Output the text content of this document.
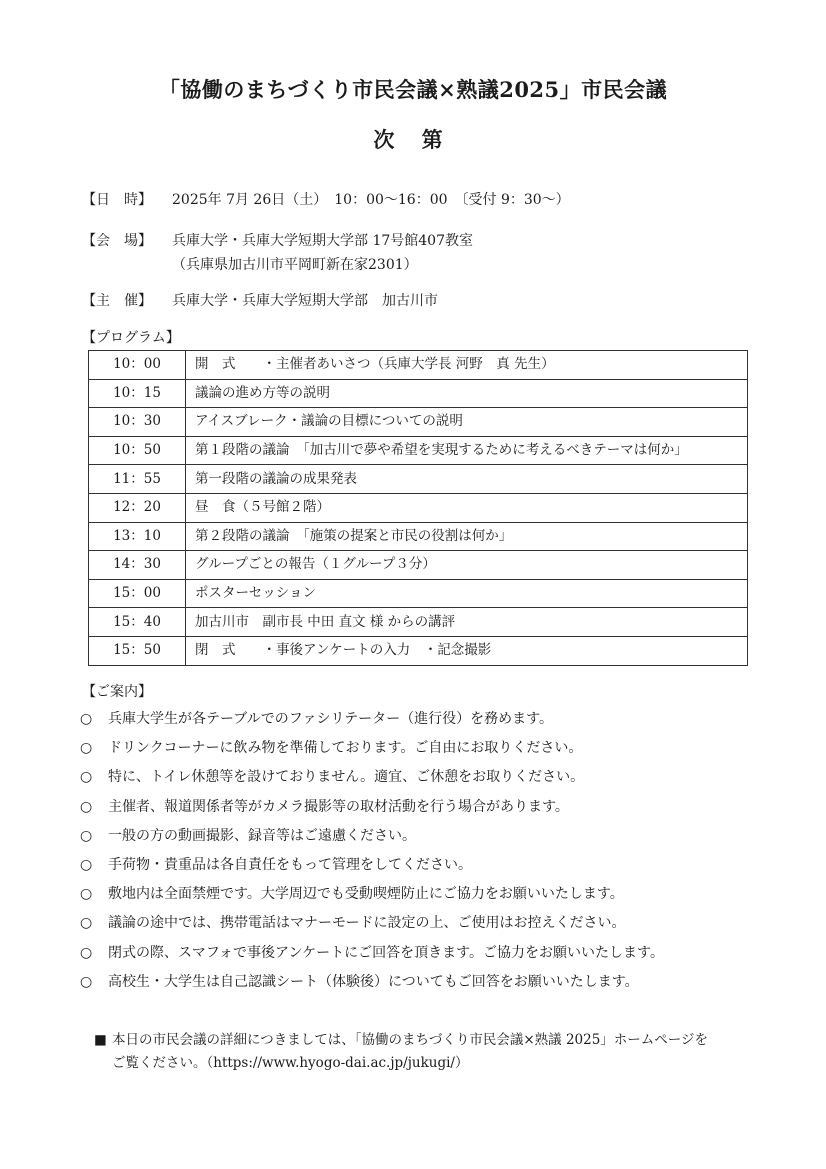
「協働のまちづくり市民会議×熟議2025」市民会議
次 第
【日　時】 2025年 7月 26日（土）　10：00～16：00　〔受付 9：30～）
【会　場】 兵庫大学・兵庫大学短期大学部 17号館407教室
（兵庫県加古川市平岡町新在家2301）
【主　催】 兵庫大学・兵庫大学短期大学部　加古川市
【プログラム】
10：00	開　式　　・主催者あいさつ（兵庫大学長 河野　真 先生）
10：15	議論の進め方等の説明
10：30	アイスブレーク・議論の目標についての説明
10：50	第１段階の議論　「加古川で夢や希望を実現するために考えるべきテーマは何か」
11：55	第一段階の議論の成果発表
12：20	昼　食（５号館２階）
13：10	第２段階の議論　「施策の提案と市民の役割は何か」
14：30	グループごとの報告（１グループ３分）
15：00	ポスターセッション
15：40	加古川市　副市長 中田 直文 様 からの講評
15：50	閉　式　　・事後アンケートの入力　・記念撮影
【ご案内】
○ 兵庫大学生が各テーブルでのファシリテーター（進行役）を務めます。
○ ドリンクコーナーに飲み物を準備しております。ご自由にお取りください。
○ 特に、トイレ休憩等を設けておりません。適宜、ご休憩をお取りください。
○ 主催者、報道関係者等がカメラ撮影等の取材活動を行う場合があります。
○ 一般の方の動画撮影、録音等はご遠慮ください。
○ 手荷物・貴重品は各自責任をもって管理をしてください。
○ 敷地内は全面禁煙です。大学周辺でも受動喫煙防止にご協力をお願いいたします。
○ 議論の途中では、携帯電話はマナーモードに設定の上、ご使用はお控えください。
○ 閉式の際、スマフォで事後アンケートにご回答を頂きます。ご協力をお願いいたします。
○ 高校生・大学生は自己認識シート（体験後）についてもご回答をお願いいたします。
■ 本日の市民会議の詳細につきましては、「協働のまちづくり市民会議×熟議 2025」ホームページを
ご覧ください。（https://www.hyogo-dai.ac.jp/jukugi/）
